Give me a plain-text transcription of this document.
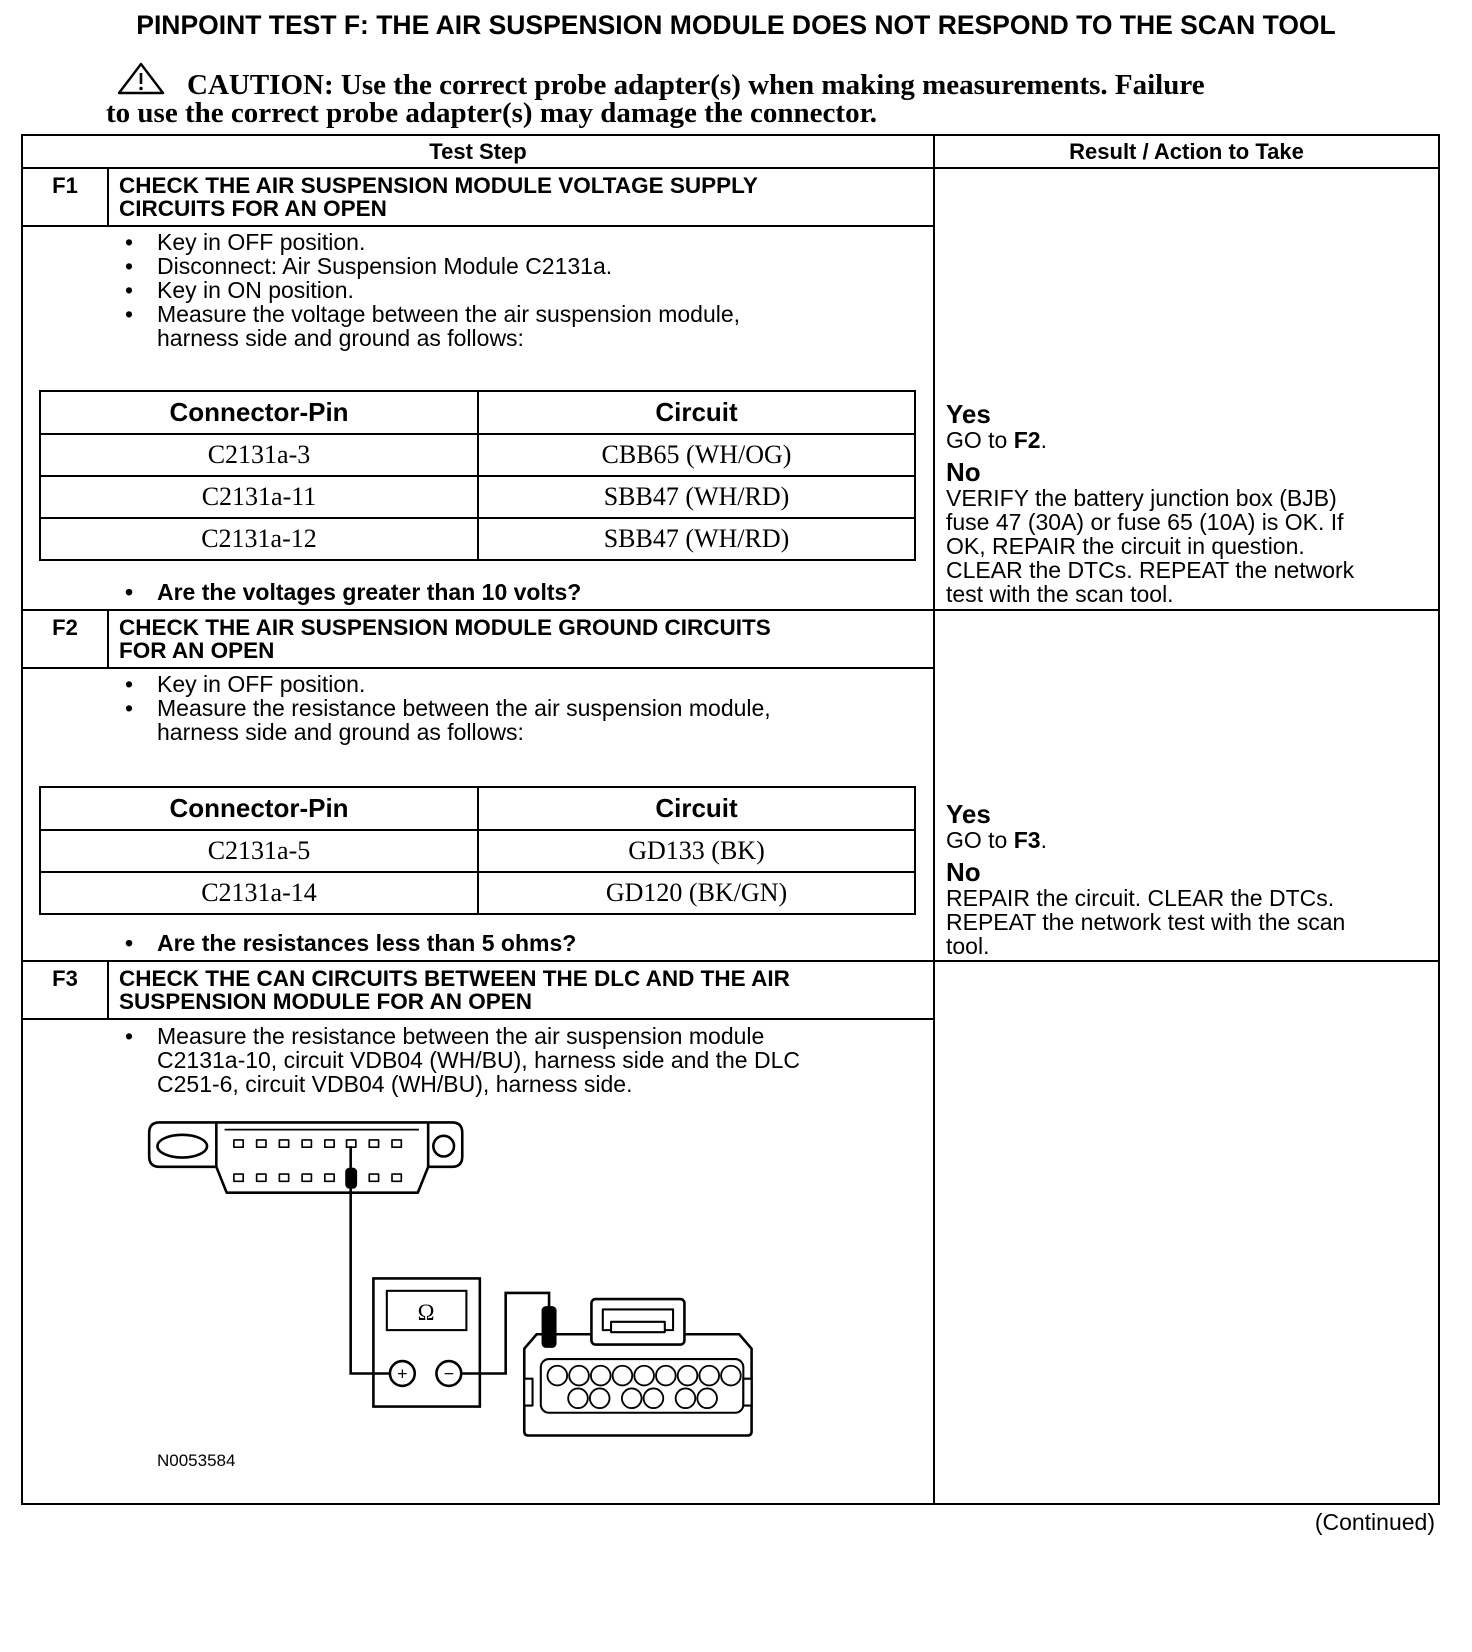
PINPOINT TEST F: THE AIR SUSPENSION MODULE DOES NOT RESPOND TO THE SCAN TOOL
CAUTION: Use the correct probe adapter(s) when making measurements. Failure
to use the correct probe adapter(s) may damage the connector.
Test Step	Result / Action to Take
F1	CHECK THE AIR SUSPENSION MODULE VOLTAGE SUPPLY
CIRCUITS FOR AN OPEN
•	Key in OFF position.
•	Disconnect: Air Suspension Module C2131a.
•	Key in ON position.
•	Measure the voltage between the air suspension module,
harness side and ground as follows:
Connector-Pin	Circuit
C2131a-3	CBB65 (WH/OG)
C2131a-11	SBB47 (WH/RD)
C2131a-12	SBB47 (WH/RD)
•	Are the voltages greater than 10 volts?
Yes
GO to F2.
No
VERIFY the battery junction box (BJB)
fuse 47 (30A) or fuse 65 (10A) is OK. If
OK, REPAIR the circuit in question.
CLEAR the DTCs. REPEAT the network
test with the scan tool.
F2	CHECK THE AIR SUSPENSION MODULE GROUND CIRCUITS
FOR AN OPEN
•	Key in OFF position.
•	Measure the resistance between the air suspension module,
harness side and ground as follows:
Connector-Pin	Circuit
C2131a-5	GD133 (BK)
C2131a-14	GD120 (BK/GN)
•	Are the resistances less than 5 ohms?
Yes
GO to F3.
No
REPAIR the circuit. CLEAR the DTCs.
REPEAT the network test with the scan
tool.
F3	CHECK THE CAN CIRCUITS BETWEEN THE DLC AND THE AIR
SUSPENSION MODULE FOR AN OPEN
•	Measure the resistance between the air suspension module
C2131a-10, circuit VDB04 (WH/BU), harness side and the DLC
C251-6, circuit VDB04 (WH/BU), harness side.
Ω
+ −
N0053584
(Continued)
